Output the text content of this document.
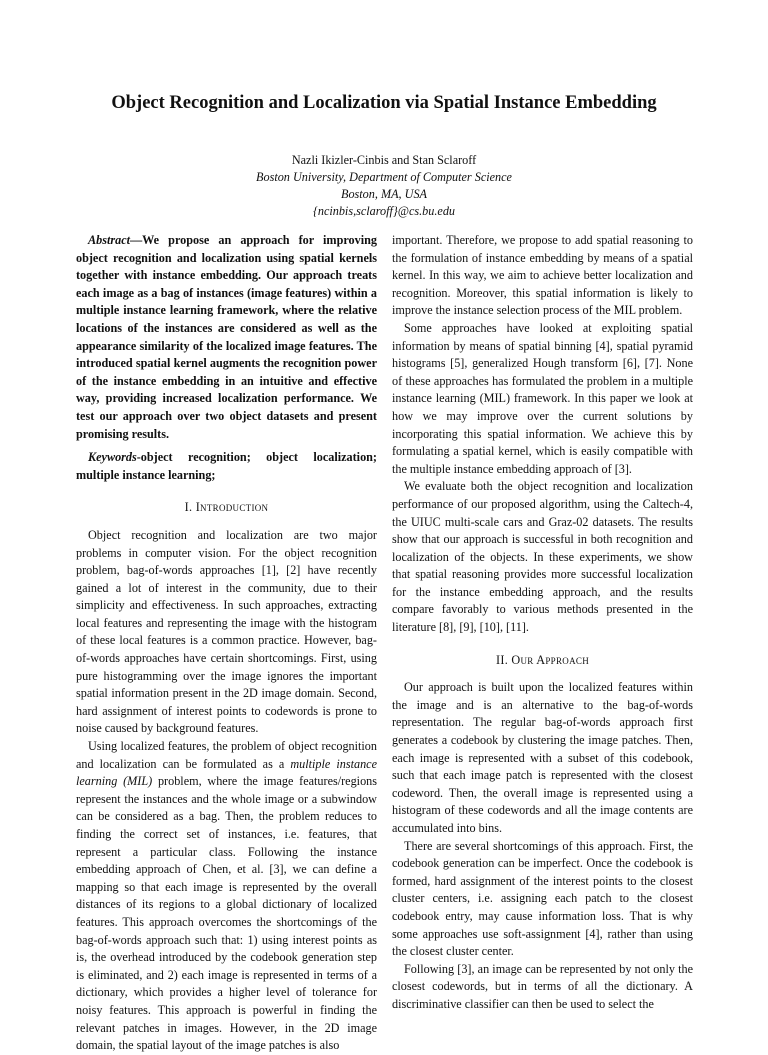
Object Recognition and Localization via Spatial Instance Embedding
Nazli Ikizler-Cinbis and Stan Sclaroff
Boston University, Department of Computer Science
Boston, MA, USA
{ncinbis,sclaroff}@cs.bu.edu

Abstract—We propose an approach for improving object recognition and localization using spatial kernels together with instance embedding. Our approach treats each image as a bag of instances (image features) within a multiple instance learning framework, where the relative locations of the instances are considered as well as the appearance similarity of the localized image features. The introduced spatial kernel augments the recognition power of the instance embedding in an intuitive and effective way, providing increased localization performance. We test our approach over two object datasets and present promising results.

Keywords-object recognition; object localization; multiple instance learning;

I. Introduction

Object recognition and localization are two major problems in computer vision. For the object recognition problem, bag-of-words approaches [1], [2] have recently gained a lot of interest in the community, due to their simplicity and effectiveness. In such approaches, extracting local features and representing the image with the histogram of these local features is a common practice. However, bag-of-words approaches have certain shortcomings. First, using pure histogramming over the image ignores the important spatial information present in the 2D image domain. Second, hard assignment of interest points to codewords is prone to noise caused by background features.

Using localized features, the problem of object recognition and localization can be formulated as a multiple instance learning (MIL) problem, where the image features/regions represent the instances and the whole image or a subwindow can be considered as a bag. Then, the problem reduces to finding the correct set of instances, i.e. features, that represent a particular class. Following the instance embedding approach of Chen, et al. [3], we can define a mapping so that each image is represented by the overall distances of its regions to a global dictionary of localized features. This approach overcomes the shortcomings of the bag-of-words approach such that: 1) using interest points as is, the overhead introduced by the codebook generation step is eliminated, and 2) each image is represented in terms of a dictionary, which provides a higher level of tolerance for noisy features. This approach is powerful in finding the relevant patches in images. However, in the 2D image domain, the spatial layout of the image patches is also

important. Therefore, we propose to add spatial reasoning to the formulation of instance embedding by means of a spatial kernel. In this way, we aim to achieve better localization and recognition. Moreover, this spatial information is likely to improve the instance selection process of the MIL problem.

Some approaches have looked at exploiting spatial information by means of spatial binning [4], spatial pyramid histograms [5], generalized Hough transform [6], [7]. None of these approaches has formulated the problem in a multiple instance learning (MIL) framework. In this paper we look at how we may improve over the current solutions by incorporating this spatial information. We achieve this by formulating a spatial kernel, which is easily compatible with the multiple instance embedding approach of [3].

We evaluate both the object recognition and localization performance of our proposed algorithm, using the Caltech-4, the UIUC multi-scale cars and Graz-02 datasets. The results show that our approach is successful in both recognition and localization of the objects. In these experiments, we show that spatial reasoning provides more successful localization for the instance embedding approach, and the results compare favorably to various methods presented in the literature [8], [9], [10], [11].

II. Our Approach

Our approach is built upon the localized features within the image and is an alternative to the bag-of-words representation. The regular bag-of-words approach first generates a codebook by clustering the image patches. Then, each image is represented with a subset of this codebook, such that each image patch is represented with the closest codeword. Then, the overall image is represented using a histogram of these codewords and all the image contents are accumulated into bins.

There are several shortcomings of this approach. First, the codebook generation can be imperfect. Once the codebook is formed, hard assignment of the interest points to the closest cluster centers, i.e. assigning each patch to the closest codebook entry, may cause information loss. That is why some approaches use soft-assignment [4], rather than using the closest cluster center.

Following [3], an image can be represented by not only the closest codewords, but in terms of all the dictionary. A discriminative classifier can then be used to select the
